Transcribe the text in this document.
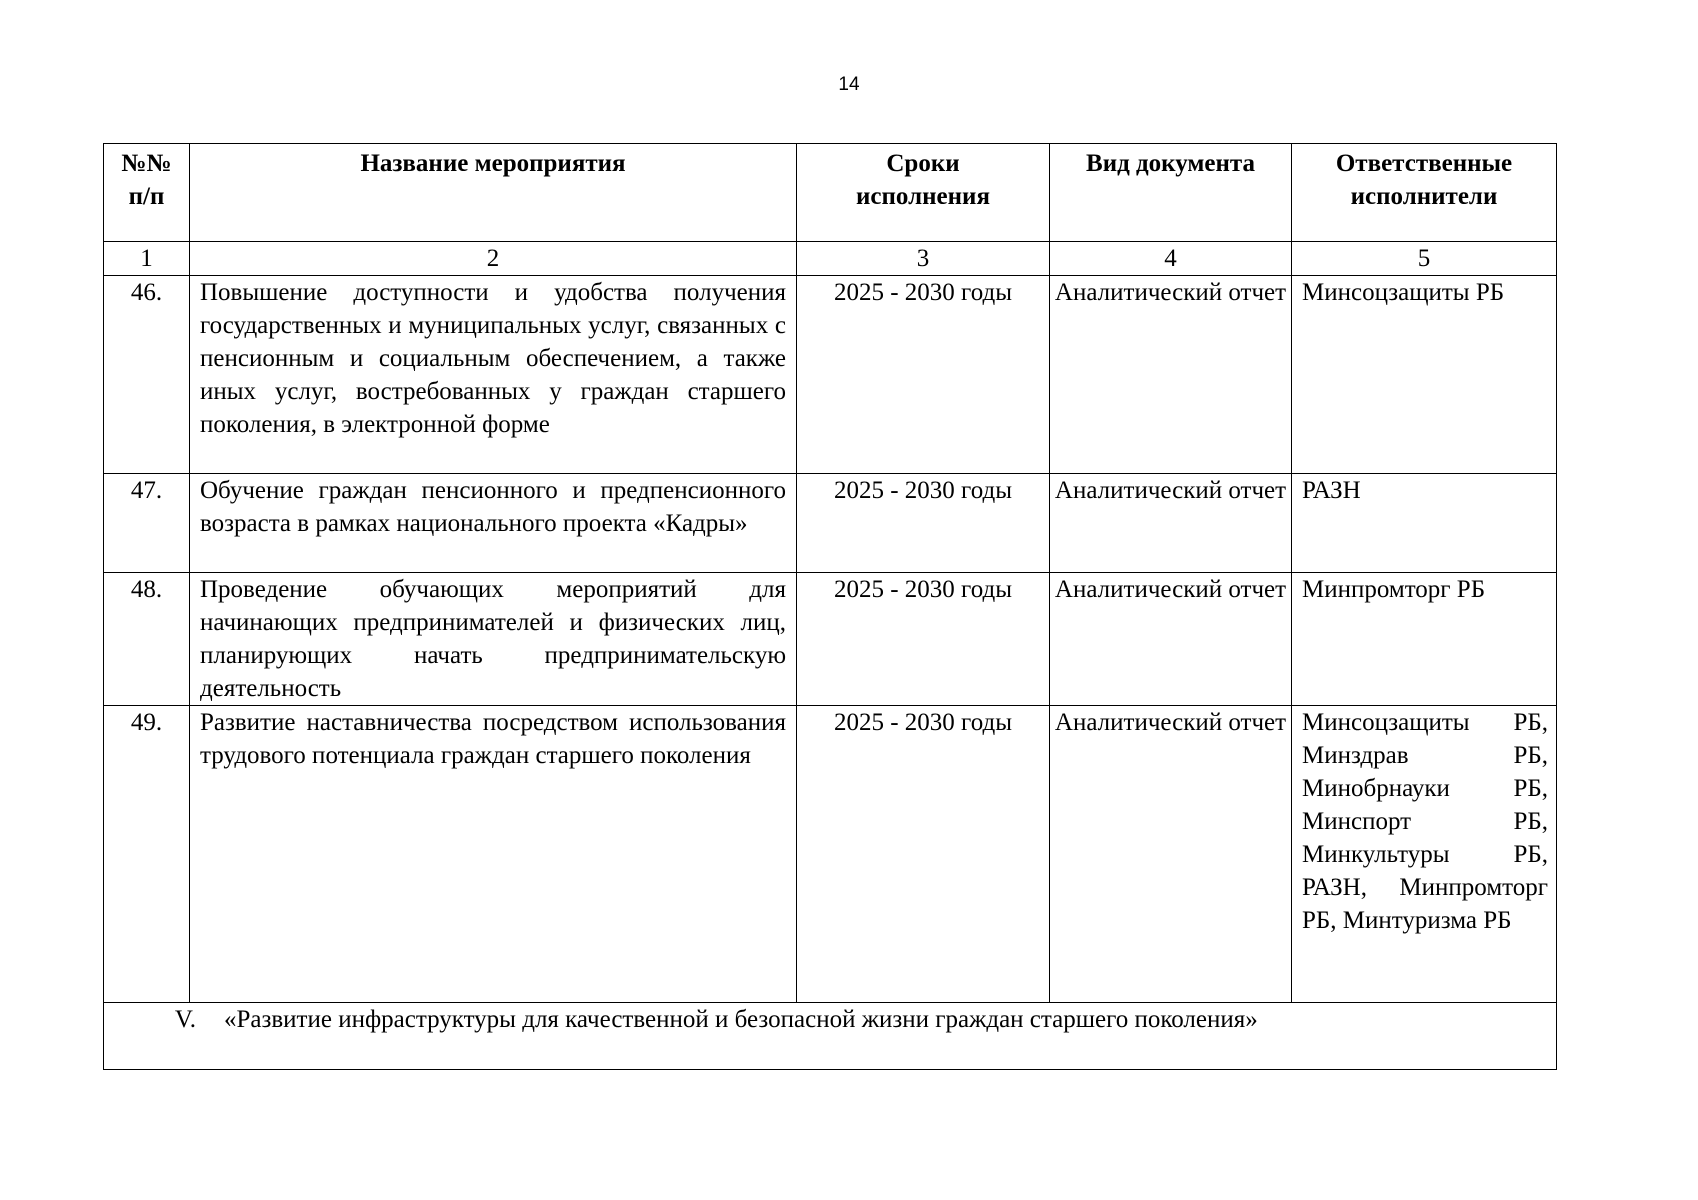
14
№№ п/п	Название мероприятия	Сроки исполнения	Вид документа	Ответственные исполнители
1	2	3	4	5
46.	Повышение доступности и удобства получения государственных и муниципальных услуг, связанных с пенсионным и социальным обеспечением, а также иных услуг, востребованных у граждан старшего поколения, в электронной форме	2025 - 2030 годы	Аналитический отчет	Минсоцзащиты РБ
47.	Обучение граждан пенсионного и предпенсионного возраста в рамках национального проекта «Кадры»	2025 - 2030 годы	Аналитический отчет	РАЗН
48.	Проведение обучающих мероприятий для начинающих предпринимателей и физических лиц, планирующих начать предпринимательскую деятельность	2025 - 2030 годы	Аналитический отчет	Минпромторг РБ
49.	Развитие наставничества посредством использования трудового потенциала граждан старшего поколения	2025 - 2030 годы	Аналитический отчет	Минсоцзащиты РБ, Минздрав РБ, Минобрнауки РБ, Минспорт РБ, Минкультуры РБ, РАЗН, Минпромторг РБ, Минтуризма РБ
V. «Развитие инфраструктуры для качественной и безопасной жизни граждан старшего поколения»				
